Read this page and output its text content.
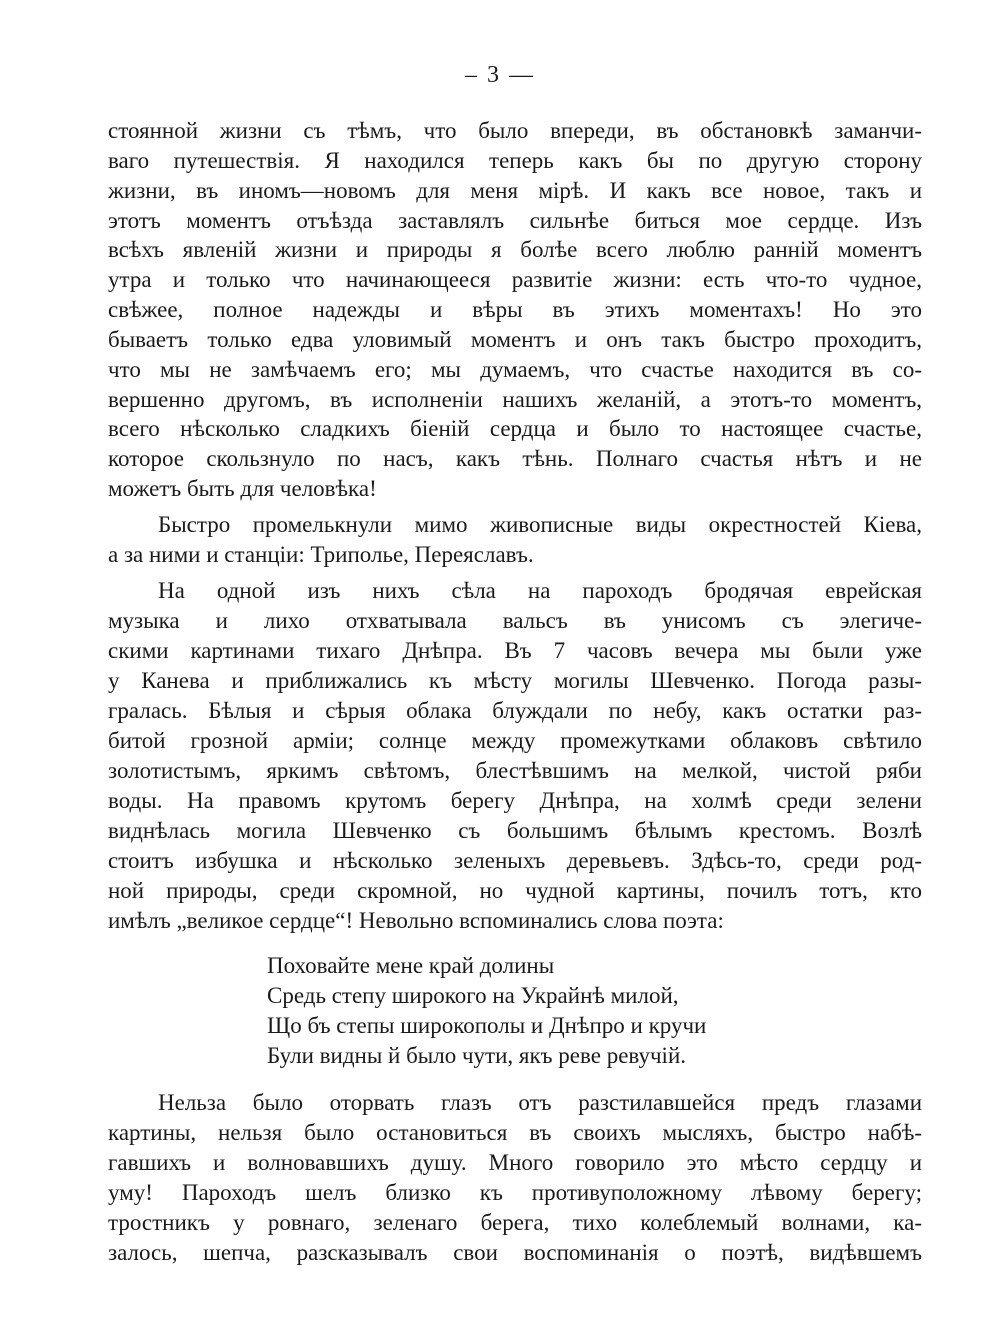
– 3 —
стоянной жизни съ тѣмъ, что было впереди, въ обстановкѣ заманчи-
ваго путешествія. Я находился теперь какъ бы по другую сторону
жизни, въ иномъ—новомъ для меня мірѣ. И какъ все новое, такъ и
этотъ моментъ отъѣзда заставлялъ сильнѣе биться мое сердце. Изъ
всѣхъ явленій жизни и природы я болѣе всего люблю ранній моментъ
утра и только что начинающееся развитіе жизни: есть что-то чудное,
свѣжее, полное надежды и вѣры въ этихъ моментахъ! Но это
бываетъ только едва уловимый моментъ и онъ такъ быстро проходитъ,
что мы не замѣчаемъ его; мы думаемъ, что счастье находится въ со-
вершенно другомъ, въ исполненіи нашихъ желаній, а этотъ-то моментъ,
всего нѣсколько сладкихъ біеній сердца и было то настоящее счастье,
которое скользнуло по насъ, какъ тѣнь. Полнаго счастья нѣтъ и не
можетъ быть для человѣка!
Быстро промелькнули мимо живописные виды окрестностей Кіева,
а за ними и станціи: Триполье, Переяславъ.
На одной изъ нихъ сѣла на пароходъ бродячая еврейская
музыка и лихо отхватывала вальсъ въ унисомъ съ элегиче-
скими картинами тихаго Днѣпра. Въ 7 часовъ вечера мы были уже
у Канева и приближались къ мѣсту могилы Шевченко. Погода разы-
гралась. Бѣлыя и сѣрыя облака блуждали по небу, какъ остатки раз-
битой грозной арміи; солнце между промежутками облаковъ свѣтило
золотистымъ, яркимъ свѣтомъ, блестѣвшимъ на мелкой, чистой ряби
воды. На правомъ крутомъ берегу Днѣпра, на холмѣ среди зелени
виднѣлась могила Шевченко съ большимъ бѣлымъ крестомъ. Возлѣ
стоитъ избушка и нѣсколько зеленыхъ деревьевъ. Здѣсь-то, среди род-
ной природы, среди скромной, но чудной картины, почилъ тотъ, кто
имѣлъ „великое сердце“! Невольно вспоминались слова поэта:
Поховайте мене край долины
Средь степу широкого на Украйнѣ милой,
Щo бъ степы широкополы и Днѣпро и кручи
Були видны й было чути, якъ реве ревучій.
Нельза было оторвать глазъ отъ разстилавшейся предъ глазами
картины, нельзя было остановиться въ своихъ мысляхъ, быстро набѣ-
гавшихъ и волновавшихъ душу. Много говорило это мѣсто сердцу и
уму! Пароходъ шелъ близко къ противуположному лѣвому берегу;
тростникъ у ровнаго, зеленаго берега, тихо колеблемый волнами, ка-
залось, шепча, разсказывалъ свои воспоминанія о поэтѣ, видѣвшемъ
